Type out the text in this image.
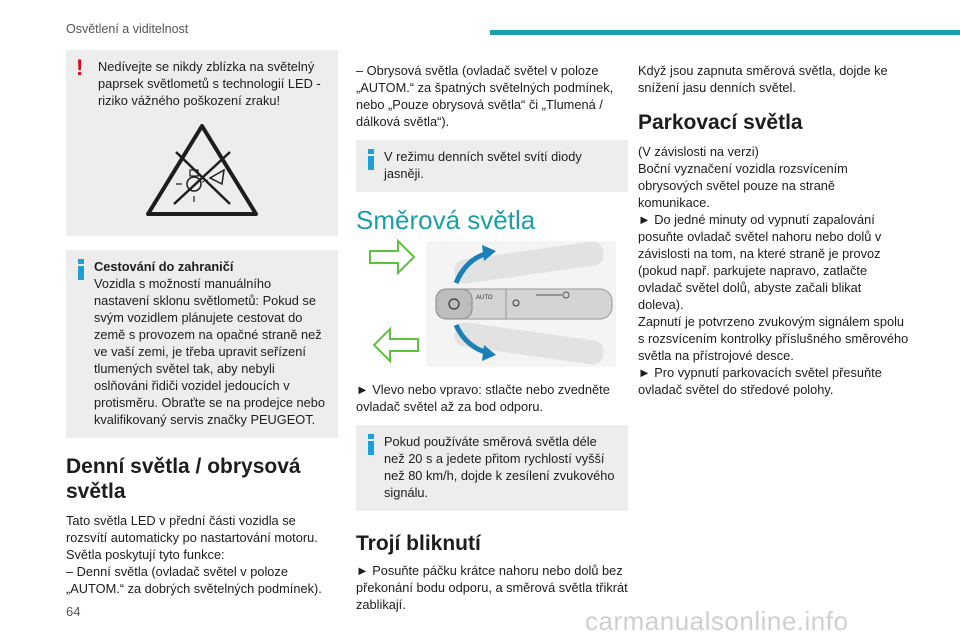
Osvětlení a viditelnost
!	Nedívejte se nikdy zblízka na světelný paprsek světlometů s technologií LED - riziko vážného poškození zraku!

Cestování do zahraničí

Vozidla s možností manuálního nastavení sklonu světlometů: Pokud se svým vozidlem plánujete cestovat do země s provozem na opačné straně než ve vaší zemi, je třeba upravit seřízení tlumených světel tak, aby nebyli oslňováni řidiči vozidel jedoucích v protisměru. Obraťte se na prodejce nebo kvalifikovaný servis značky PEUGEOT.

Denní světla / obrysová světla

Tato světla LED v přední části vozidla se rozsvítí automaticky po nastartování motoru.

Světla poskytují tyto funkce:

– Denní světla (ovladač světel v poloze „AUTOM.“ za dobrých světelných podmínek).

– Obrysová světla (ovladač světel v poloze „AUTOM.“ za špatných světelných podmínek, nebo „Pouze obrysová světla“ či „Tlumená / dálková světla“).

V režimu denních světel svítí diody jasněji.

Směrová světla
AUTO

► Vlevo nebo vpravo: stlačte nebo zvedněte ovladač světel až za bod odporu.

Pokud používáte směrová světla déle než 20 s a jedete přitom rychlostí vyšší než 80 km/h, dojde k zesílení zvukového signálu.

Trojí bliknutí

► Posuňte páčku krátce nahoru nebo dolů bez překonání bodu odporu, a směrová světla třikrát zablikají.

Když jsou zapnuta směrová světla, dojde ke snížení jasu denních světel.

Parkovací světla

(V závislosti na verzi)

Boční vyznačení vozidla rozsvícením obrysových světel pouze na straně komunikace.

► Do jedné minuty od vypnutí zapalování posuňte ovladač světel nahoru nebo dolů v závislosti na tom, na které straně je provoz (pokud např. parkujete napravo, zatlačte ovladač světel dolů, abyste začali blikat doleva).

Zapnutí je potvrzeno zvukovým signálem spolu s rozsvícením kontrolky příslušného směrového světla na přístrojové desce.

► Pro vypnutí parkovacích světel přesuňte ovladač světel do středové polohy.

64	carmanualsonline.info
